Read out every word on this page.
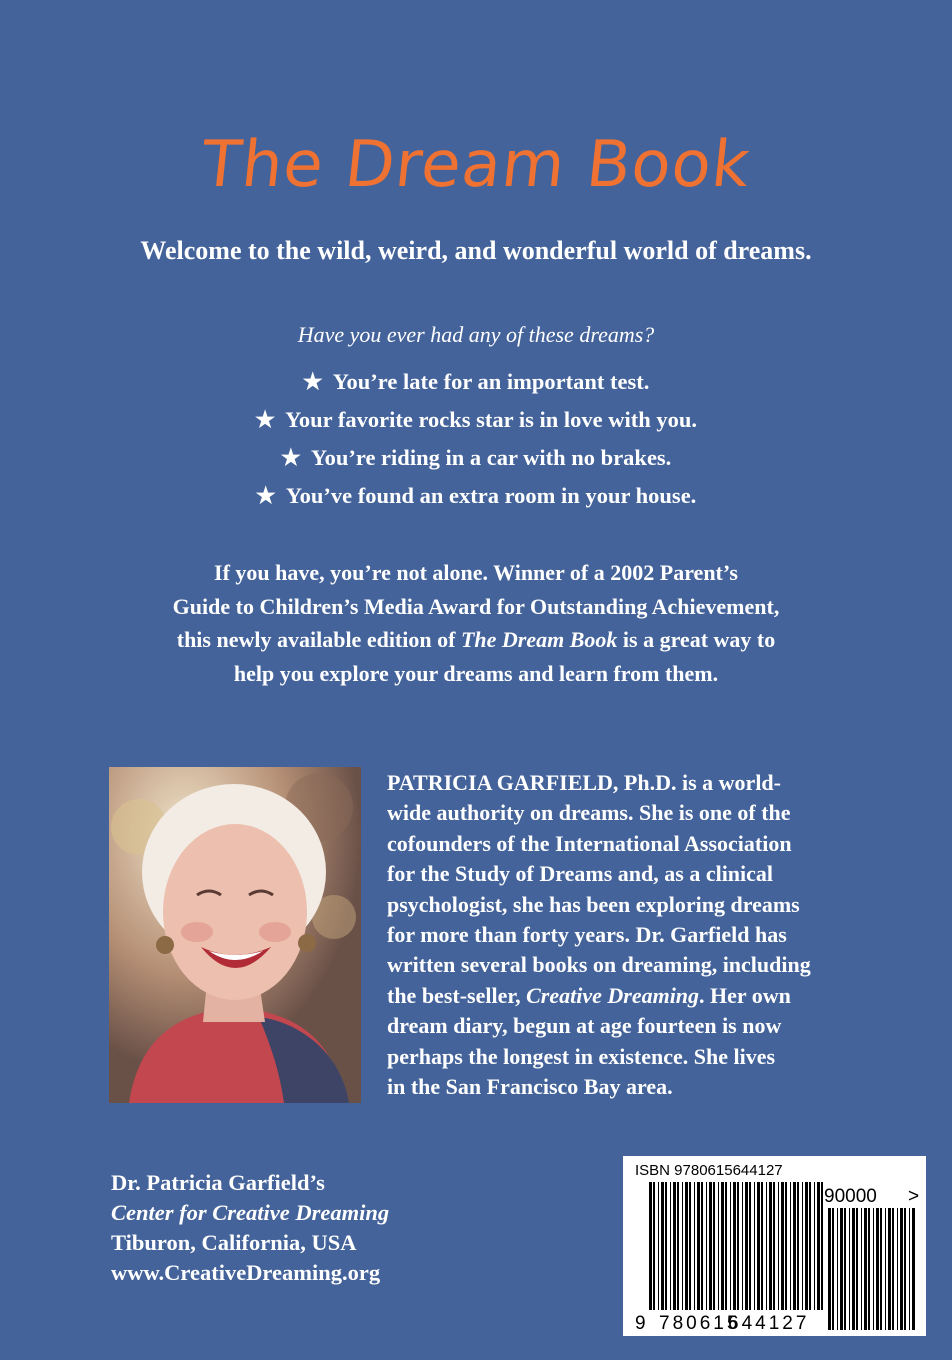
The Dream Book
Welcome to the wild, weird, and wonderful world of dreams.
Have you ever had any of these dreams?
★ You’re late for an important test.
★ Your favorite rocks star is in love with you.
★ You’re riding in a car with no brakes.
★ You’ve found an extra room in your house.
If you have, you’re not alone. Winner of a 2002 Parent’s
Guide to Children’s Media Award for Outstanding Achievement,
this newly available edition of The Dream Book is a great way to
help you explore your dreams and learn from them.
PATRICIA GARFIELD, Ph.D. is a world-
wide authority on dreams. She is one of the
cofounders of the International Association
for the Study of Dreams and, as a clinical
psychologist, she has been exploring dreams
for more than forty years. Dr. Garfield has
written several books on dreaming, including
the best-seller, Creative Dreaming. Her own
dream diary, begun at age fourteen is now
perhaps the longest in existence. She lives
in the San Francisco Bay area.
Dr. Patricia Garfield’s
Center for Creative Dreaming
Tiburon, California, USA
www.CreativeDreaming.org
ISBN 9780615644127
90000 >
9 780615
644127
